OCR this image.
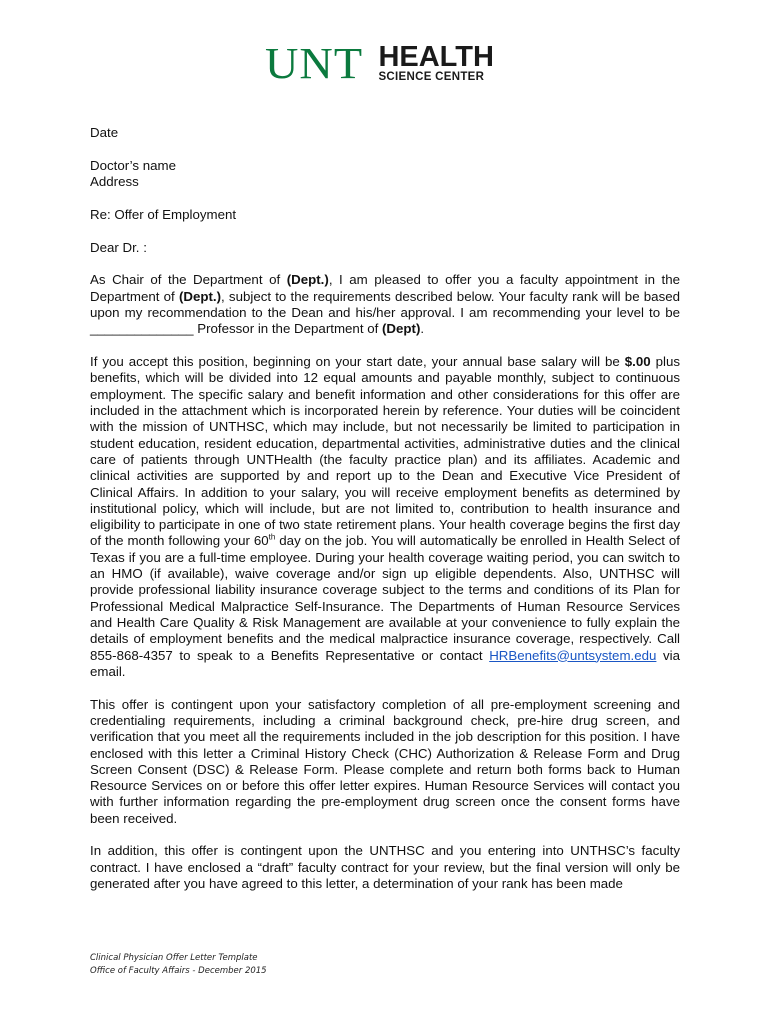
UNT HEALTH
SCIENCE CENTER

Date

Doctor’s name

Address

Re: Offer of Employment

Dear Dr. :

As Chair of the Department of (Dept.), I am pleased to offer you a faculty appointment in the Department of (Dept.), subject to the requirements described below. Your faculty rank will be based upon my recommendation to the Dean and his/her approval. I am recommending your level to be ______________ Professor in the Department of (Dept).

If you accept this position, beginning on your start date, your annual base salary will be $.00 plus benefits, which will be divided into 12 equal amounts and payable monthly, subject to continuous employment. The specific salary and benefit information and other considerations for this offer are included in the attachment which is incorporated herein by reference. Your duties will be coincident with the mission of UNTHSC, which may include, but not necessarily be limited to participation in student education, resident education, departmental activities, administrative duties and the clinical care of patients through UNTHealth (the faculty practice plan) and its affiliates. Academic and clinical activities are supported by and report up to the Dean and Executive Vice President of Clinical Affairs. In addition to your salary, you will receive employment benefits as determined by institutional policy, which will include, but are not limited to, contribution to health insurance and eligibility to participate in one of two state retirement plans. Your health coverage begins the first day of the month following your 60th day on the job. You will automatically be enrolled in Health Select of Texas if you are a full-time employee. During your health coverage waiting period, you can switch to an HMO (if available), waive coverage and/or sign up eligible dependents. Also, UNTHSC will provide professional liability insurance coverage subject to the terms and conditions of its Plan for Professional Medical Malpractice Self-Insurance. The Departments of Human Resource Services and Health Care Quality & Risk Management are available at your convenience to fully explain the details of employment benefits and the medical malpractice insurance coverage, respectively. Call 855-868-4357 to speak to a Benefits Representative or contact HRBenefits@untsystem.edu via email.

This offer is contingent upon your satisfactory completion of all pre-employment screening and credentialing requirements, including a criminal background check, pre-hire drug screen, and verification that you meet all the requirements included in the job description for this position. I have enclosed with this letter a Criminal History Check (CHC) Authorization & Release Form and Drug Screen Consent (DSC) & Release Form. Please complete and return both forms back to Human Resource Services on or before this offer letter expires. Human Resource Services will contact you with further information regarding the pre-employment drug screen once the consent forms have been received.

In addition, this offer is contingent upon the UNTHSC and you entering into UNTHSC’s faculty contract. I have enclosed a “draft” faculty contract for your review, but the final version will only be generated after you have agreed to this letter, a determination of your rank has been made

Clinical Physician Offer Letter Template
Office of Faculty Affairs - December 2015
